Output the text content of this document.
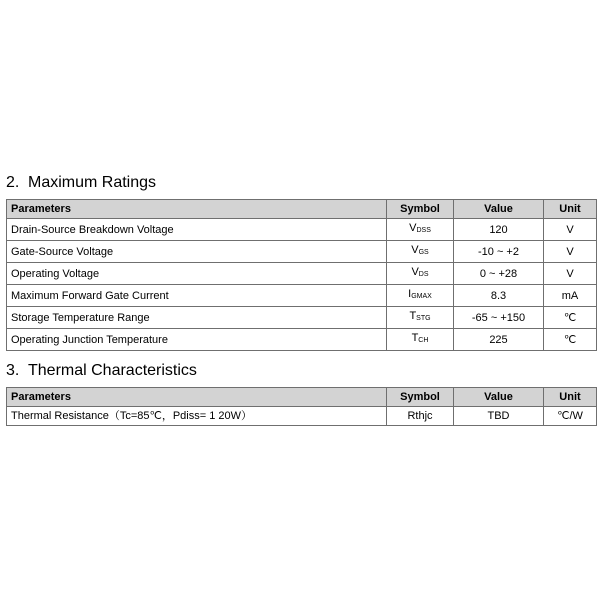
2. Maximum Ratings
Parameters	Symbol	Value	Unit
Drain-Source Breakdown Voltage	VDSS	120	V
Gate-Source Voltage	VGS	-10 ~ +2	V
Operating Voltage	VDS	0 ~ +28	V
Maximum Forward Gate Current	IGMAX	8.3	mA
Storage Temperature Range	TSTG	-65 ~ +150	℃
Operating Junction Temperature	TCH	225	℃
3. Thermal Characteristics
Parameters	Symbol	Value	Unit
Thermal Resistance（Tc=85℃，Pdiss= 1 20W）	Rthjc	TBD	℃/W
